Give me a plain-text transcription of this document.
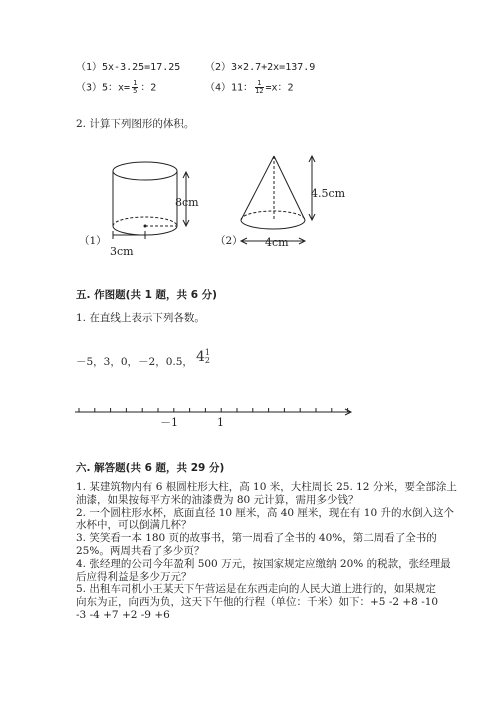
（1）5x-3.25=17.25 （2）3×2.7+2x=137.9
（3）5：$x= \frac{1}{5}$ ：2	（4）11： $\frac{1}{12} =x$：2
2. 计算下列图形的体积。
8cm
3cm
（1）
4.5cm
4cm
（2）
五. 作图题(共 1 题，共 6 分)
1. 在直线上表示下列各数。
－5，3，0，－2，0.5， 4 1
2
－1	1
六. 解答题(共 6 题，共 29 分)
1. 某建筑物内有 6 根圆柱形大柱，高 10 米，大柱周长 25. 12 分米，要全部涂上
油漆，如果按每平方米的油漆费为 80 元计算，需用多少钱？
2. 一个圆柱形水杯，底面直径 10 厘米，高 40 厘米，现在有 10 升的水倒入这个
水杯中，可以倒满几杯？
3. 笑笑看一本 180 页的故事书，第一周看了全书的 40%，第二周看了全书的
25%。两周共看了多少页？
4. 张经理的公司今年盈利 500 万元，按国家规定应缴纳 20% 的税款，张经理最
后应得利益是多少万元？
5. 出租车司机小王某天下午营运是在东西走向的人民大道上进行的，如果规定
向东为正，向西为负，这天下午他的行程（单位：千米）如下：+5 -2 +8 -10
-3 -4 +7 +2 -9 +6
